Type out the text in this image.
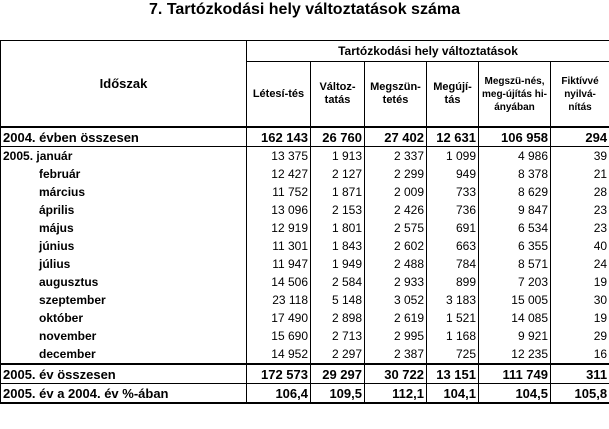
7. Tartózkodási hely változtatások száma
Időszak	Tartózkodási hely változtatások					
	Létesí-tés	Változ-tatás	Megszün-tetés	Megújí-tás	Megszü-nés, meg-újítás hi-ányában	Fiktívvé nyilvá-nítás
2004. évben összesen	162 143	26 760	27 402	12 631	106 958	294
2005. január	13 375	1 913	2 337	1 099	4 986	39
február	12 427	2 127	2 299	949	8 378	21
március	11 752	1 871	2 009	733	8 629	28
április	13 096	2 153	2 426	736	9 847	23
május	12 919	1 801	2 575	691	6 534	23
június	11 301	1 843	2 602	663	6 355	40
július	11 947	1 949	2 488	784	8 571	24
augusztus	14 506	2 584	2 933	899	7 203	19
szeptember	23 118	5 148	3 052	3 183	15 005	30
október	17 490	2 898	2 619	1 521	14 085	19
november	15 690	2 713	2 995	1 168	9 921	29
december	14 952	2 297	2 387	725	12 235	16
2005. év összesen	172 573	29 297	30 722	13 151	111 749	311
2005. év a 2004. év %-ában	106,4	109,5	112,1	104,1	104,5	105,8
